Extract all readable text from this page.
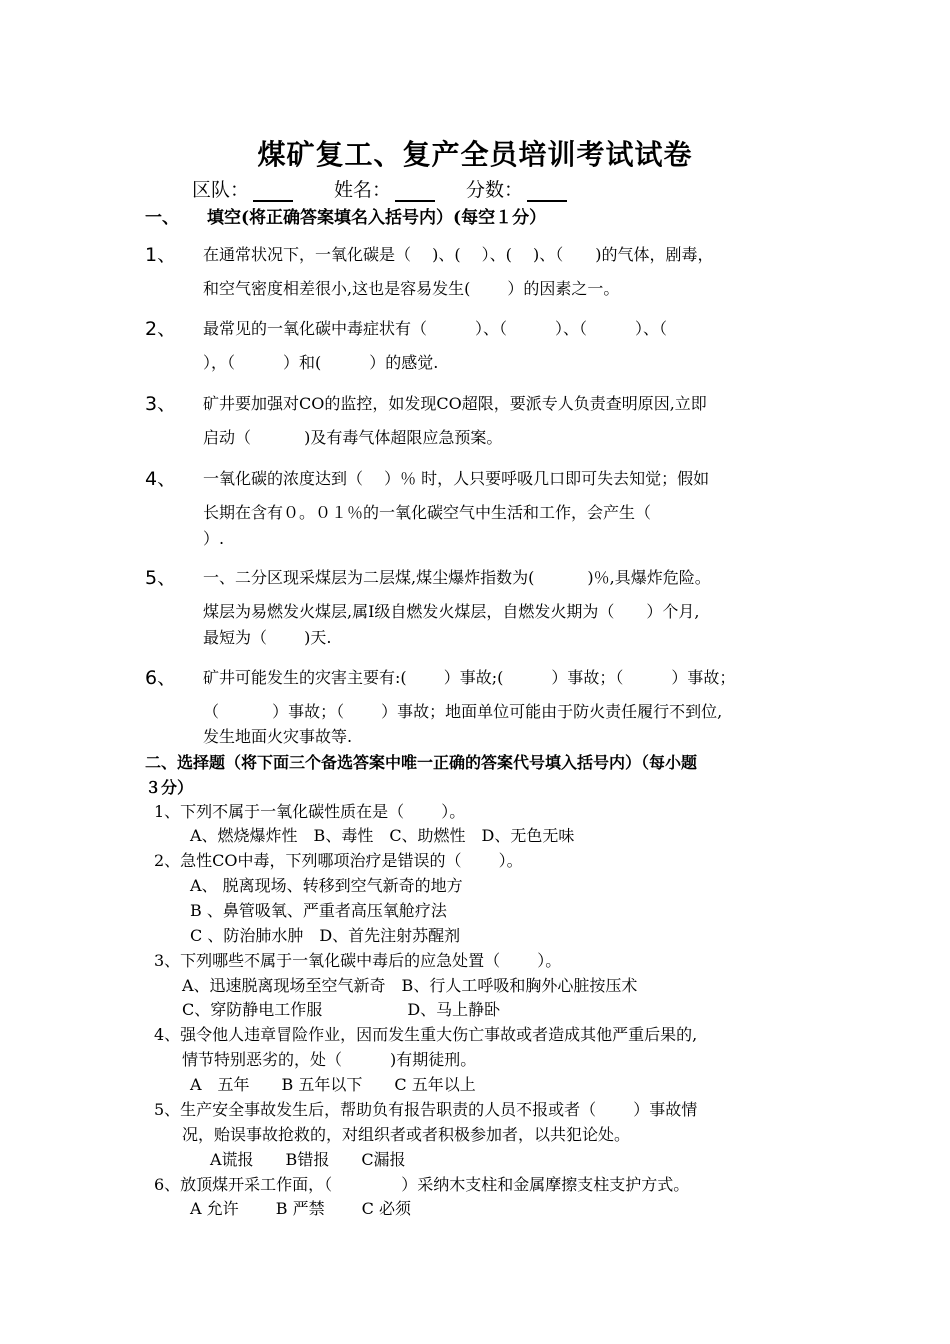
煤矿复工、复产全员培训考试试卷
区队：	姓名：	分数：
一、 填空(将正确答案填名入括号内）(每空１分）
1、 在通常状况下，一氧化碳是（　 )、(　 ）、(　 )、（　　)的气体，剧毒，
和空气密度相差很小,这也是容易发生(　　 ）的因素之一。
2、 最常见的一氧化碳中毒症状有（　　　）、（　　　）、（　　　）、（
），（　　　）和(　　　）的感觉.
3、 矿井要加强对CO的监控，如发现CO超限，要派专人负责查明原因,立即
启动（　　　 )及有毒气体超限应急预案。
4、 一氧化碳的浓度达到（　 ）％ 时，人只要呼吸几口即可失去知觉；假如
长期在含有０。０１％的一氧化碳空气中生活和工作，会产生（
）.
5、 一、二分区现采煤层为二层煤,煤尘爆炸指数为(　　　 )％,具爆炸危险。
煤层为易燃发火煤层,属Ⅰ级自燃发火煤层，自燃发火期为（　　）个月,
最短为（　　 )天.
6、 矿井可能发生的灾害主要有:(　　 ）事故;(　　　）事故；（　　　）事故；
（　　　 ）事故；（　　 ）事故；地面单位可能由于防火责任履行不到位,
发生地面火灾事故等.
二、选择题（将下面三个备选答案中唯一正确的答案代号填入括号内）（每小题
３分）
1、下列不属于一氧化碳性质在是（　　 ）。
A、燃烧爆炸性　B、毒性　C、助燃性　D、无色无味
2、急性CO中毒，下列哪项治疗是错误的（　　 ）。
A、 脱离现场、转移到空气新奇的地方
B 、鼻管吸氧、严重者高压氧舱疗法
C 、防治肺水肿　D、首先注射苏醒剂
3、下列哪些不属于一氧化碳中毒后的应急处置（　　 ）。
A、迅速脱离现场至空气新奇　B、行人工呼吸和胸外心脏按压术
C、穿防静电工作服　　　　　 D、马上静卧
4、强令他人违章冒险作业，因而发生重大伤亡事故或者造成其他严重后果的,
情节特别恶劣的，处（　　　)有期徒刑。
A　五年　　B 五年以下　　C 五年以上
5、生产安全事故发生后，帮助负有报告职责的人员不报或者（　　 ）事故情
况，贻误事故抢救的，对组织者或者积极参加者，以共犯论处。
A谎报　　B错报　　C漏报
6、放顶煤开采工作面，（　　　　 ）采纳木支柱和金属摩擦支柱支护方式。
A 允许　　 B 严禁　　 C 必须
